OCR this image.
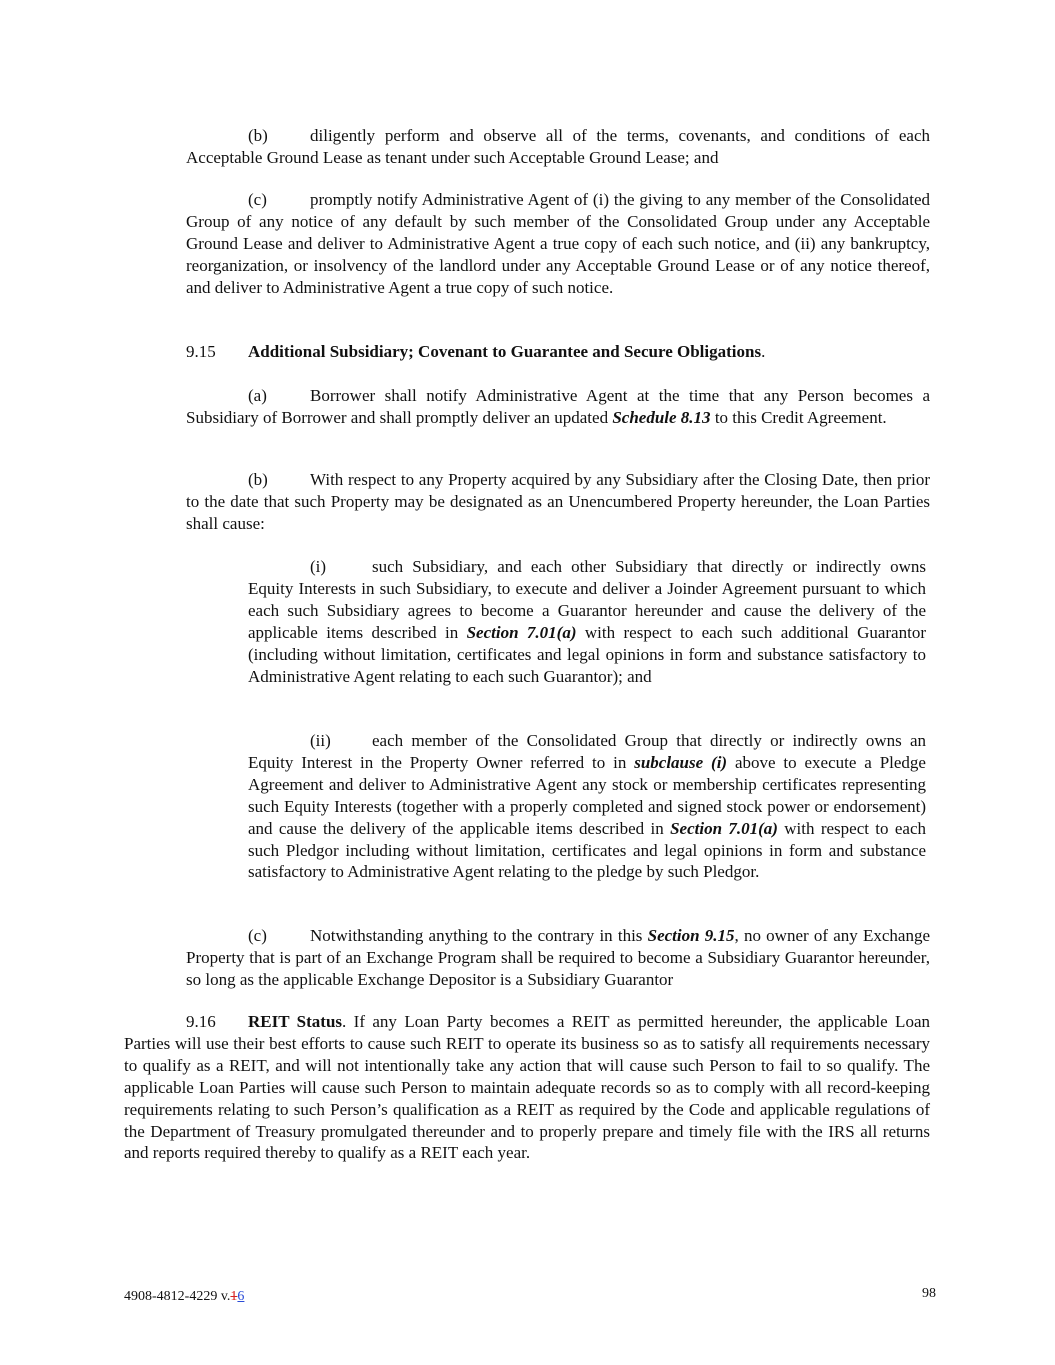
(b) diligently perform and observe all of the terms, covenants, and conditions of each Acceptable Ground Lease as tenant under such Acceptable Ground Lease; and

(c)	promptly notify Administrative Agent of (i) the giving to any member of the Consolidated Group of any notice of any default by such member of the Consolidated Group under any Acceptable Ground Lease and deliver to Administrative Agent a true copy of each such notice, and (ii) any bankruptcy, reorganization, or insolvency of the landlord under any Acceptable Ground Lease or of any notice thereof, and deliver to Administrative Agent a true copy of such notice.

9.15 Additional Subsidiary; Covenant to Guarantee and Secure Obligations.

(a)	Borrower shall notify Administrative Agent at the time that any Person becomes a Subsidiary of Borrower and shall promptly deliver an updated Schedule 8.13 to this Credit Agreement.

(b) With respect to any Property acquired by any Subsidiary after the Closing Date, then prior to the date that such Property may be designated as an Unencumbered Property hereunder, the Loan Parties shall cause:

(i)	such Subsidiary, and each other Subsidiary that directly or indirectly owns Equity Interests in such Subsidiary, to execute and deliver a Joinder Agreement pursuant to which each such Subsidiary agrees to become a Guarantor hereunder and cause the delivery of the applicable items described in Section 7.01(a) with respect to each such additional Guarantor (including without limitation, certificates and legal opinions in form and substance satisfactory to Administrative Agent relating to each such Guarantor); and

(ii) each member of the Consolidated Group that directly or indirectly owns an Equity Interest in the Property Owner referred to in subclause (i) above to execute a Pledge Agreement and deliver to Administrative Agent any stock or membership certificates representing such Equity Interests (together with a properly completed and signed stock power or endorsement) and cause the delivery of the applicable items described in Section 7.01(a) with respect to each such Pledgor including without limitation, certificates and legal opinions in form and substance satisfactory to Administrative Agent relating to the pledge by such Pledgor.

(c)	Notwithstanding anything to the contrary in this Section 9.15, no owner of any Exchange Property that is part of an Exchange Program shall be required to become a Subsidiary Guarantor hereunder, so long as the applicable Exchange Depositor is a Subsidiary Guarantor

9.16 REIT Status. If any Loan Party becomes a REIT as permitted hereunder, the applicable Loan Parties will use their best efforts to cause such REIT to operate its business so as to satisfy all requirements necessary to qualify as a REIT, and will not intentionally take any action that will cause such Person to fail to so qualify. The applicable Loan Parties will cause such Person to maintain adequate records so as to comply with all record-keeping requirements relating to such Person’s qualification as a REIT as required by the Code and applicable regulations of the Department of Treasury promulgated thereunder and to properly prepare and timely file with the IRS all returns and reports required thereby to qualify as a REIT each year.

4908-4812-4229 v.16	98
